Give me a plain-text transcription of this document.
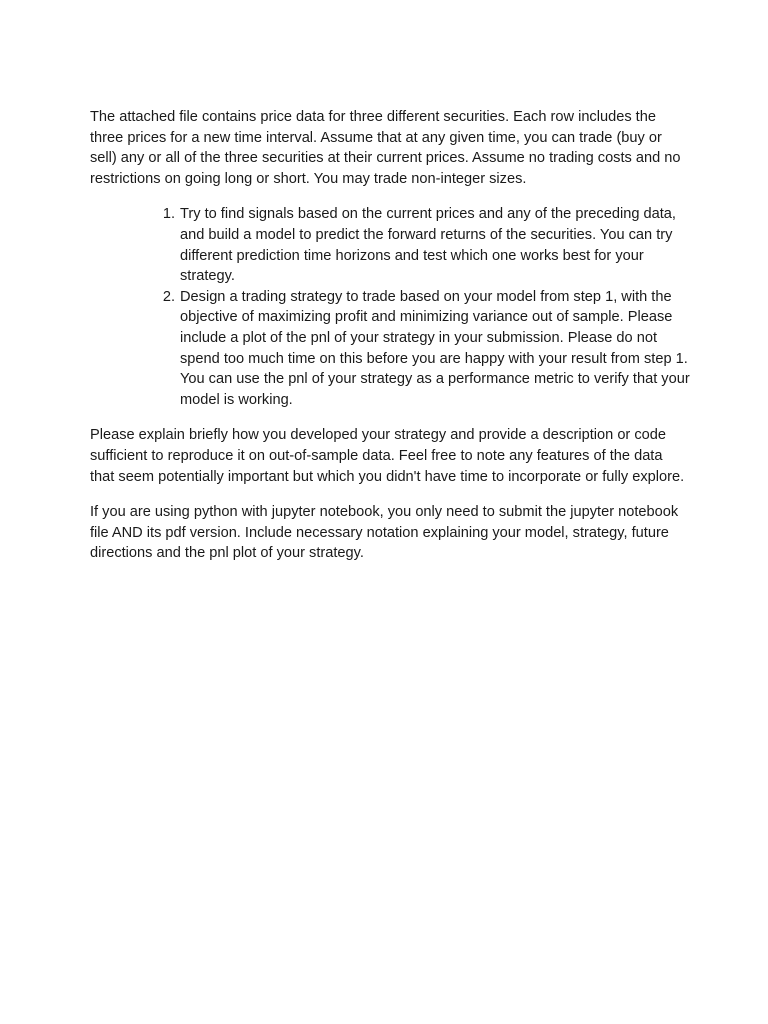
The attached file contains price data for three different securities. Each row includes the three prices for a new time interval. Assume that at any given time, you can trade (buy or sell) any or all of the three securities at their current prices. Assume no trading costs and no restrictions on going long or short. You may trade non-integer sizes.

1. Try to find signals based on the current prices and any of the preceding data, and build a model to predict the forward returns of the securities. You can try different prediction time horizons and test which one works best for your strategy.
2. Design a trading strategy to trade based on your model from step 1, with the objective of maximizing profit and minimizing variance out of sample. Please include a plot of the pnl of your strategy in your submission. Please do not spend too much time on this before you are happy with your result from step 1. You can use the pnl of your strategy as a performance metric to verify that your model is working.

Please explain briefly how you developed your strategy and provide a description or code sufficient to reproduce it on out-of-sample data. Feel free to note any features of the data that seem potentially important but which you didn't have time to incorporate or fully explore.

If you are using python with jupyter notebook, you only need to submit the jupyter notebook file AND its pdf version. Include necessary notation explaining your model, strategy, future directions and the pnl plot of your strategy.
